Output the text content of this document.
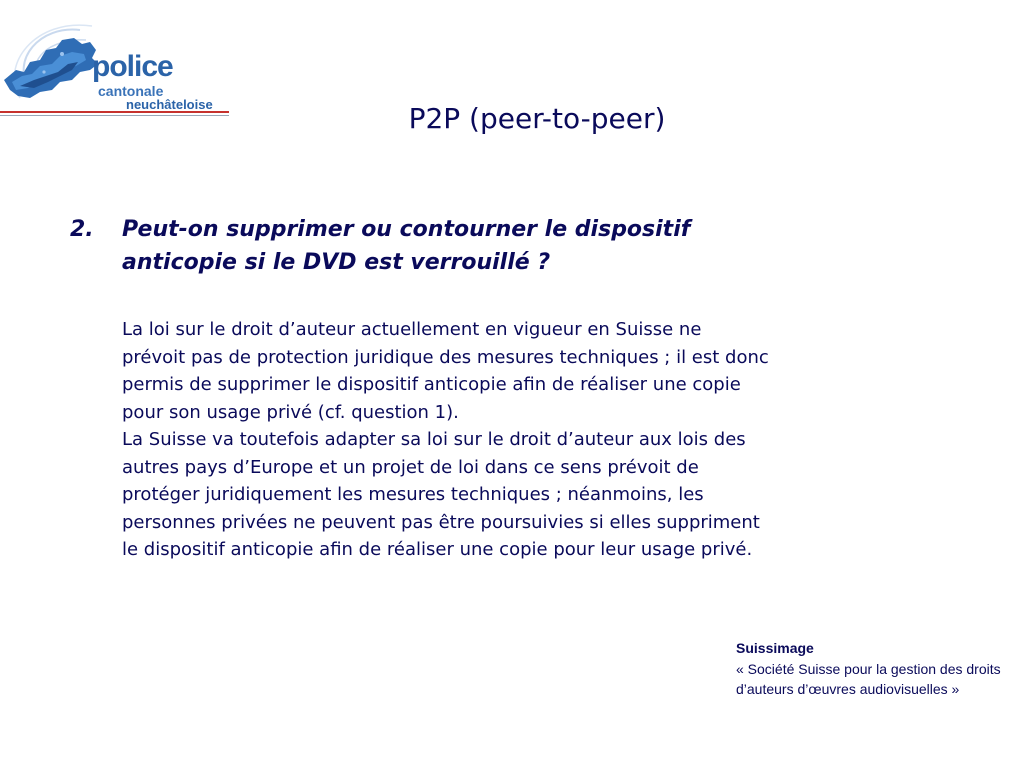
police
cantonale
neuchâteloise	P2P (peer-to-peer)
2. Peut-on supprimer ou contourner le dispositif anticopie si le DVD est verrouillé ?

La loi sur le droit d’auteur actuellement en vigueur en Suisse ne prévoit pas de protection juridique des mesures techniques ; il est donc permis de supprimer le dispositif anticopie afin de réaliser une copie pour son usage privé (cf. question 1).

La Suisse va toutefois adapter sa loi sur le droit d’auteur aux lois des autres pays d’Europe et un projet de loi dans ce sens prévoit de protéger juridiquement les mesures techniques ; néanmoins, les personnes privées ne peuvent pas être poursuivies si elles suppriment le dispositif anticopie afin de réaliser une copie pour leur usage privé.

Suissimage
« Société Suisse pour la gestion des droits d’auteurs d’œuvres audiovisuelles »
